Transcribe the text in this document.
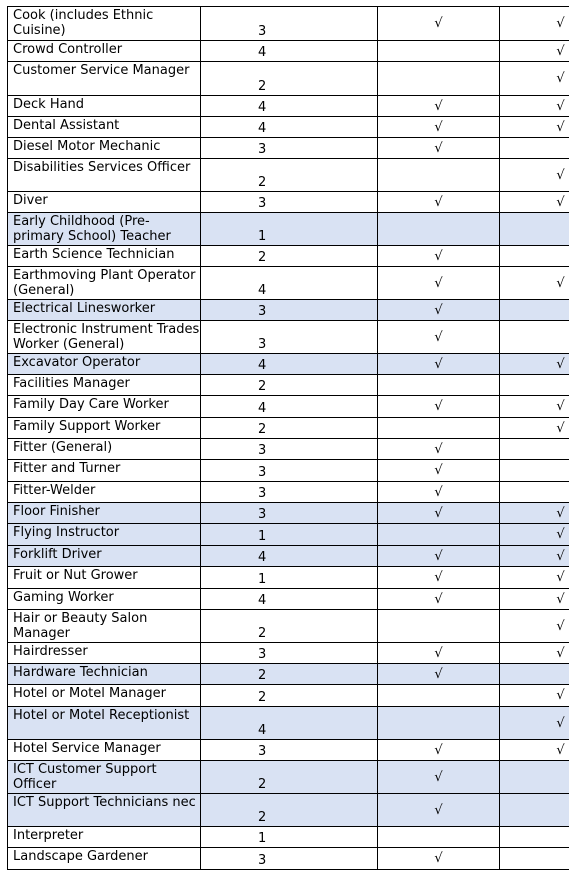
Cook (includes Ethnic Cuisine)	3	√	√

Crowd Controller	4		√

Customer Service Manager	2		√

Deck Hand	4	√	√

Dental Assistant	4	√	√

Diesel Motor Mechanic	3	√	

Disabilities Services Officer	2		√

Diver	3	√	√

Early Childhood (Pre-primary School) Teacher	1		

Earth Science Technician	2	√	

Earthmoving Plant Operator (General)	4	√	√

Electrical Linesworker	3	√	

Electronic Instrument Trades Worker (General)	3	√	

Excavator Operator	4	√	√

Facilities Manager	2		

Family Day Care Worker	4	√	√

Family Support Worker	2		√

Fitter (General)	3	√	

Fitter and Turner	3	√	

Fitter-Welder	3	√	

Floor Finisher	3	√	√

Flying Instructor	1		√

Forklift Driver	4	√	√

Fruit or Nut Grower	1	√	√

Gaming Worker	4	√	√

Hair or Beauty Salon Manager	2		√

Hairdresser	3	√	√

Hardware Technician	2	√	

Hotel or Motel Manager	2		√

Hotel or Motel Receptionist	4		√

Hotel Service Manager	3	√	√

ICT Customer Support Officer	2	√	

ICT Support Technicians nec	2	√	

Interpreter	1		

Landscape Gardener	3	√	
